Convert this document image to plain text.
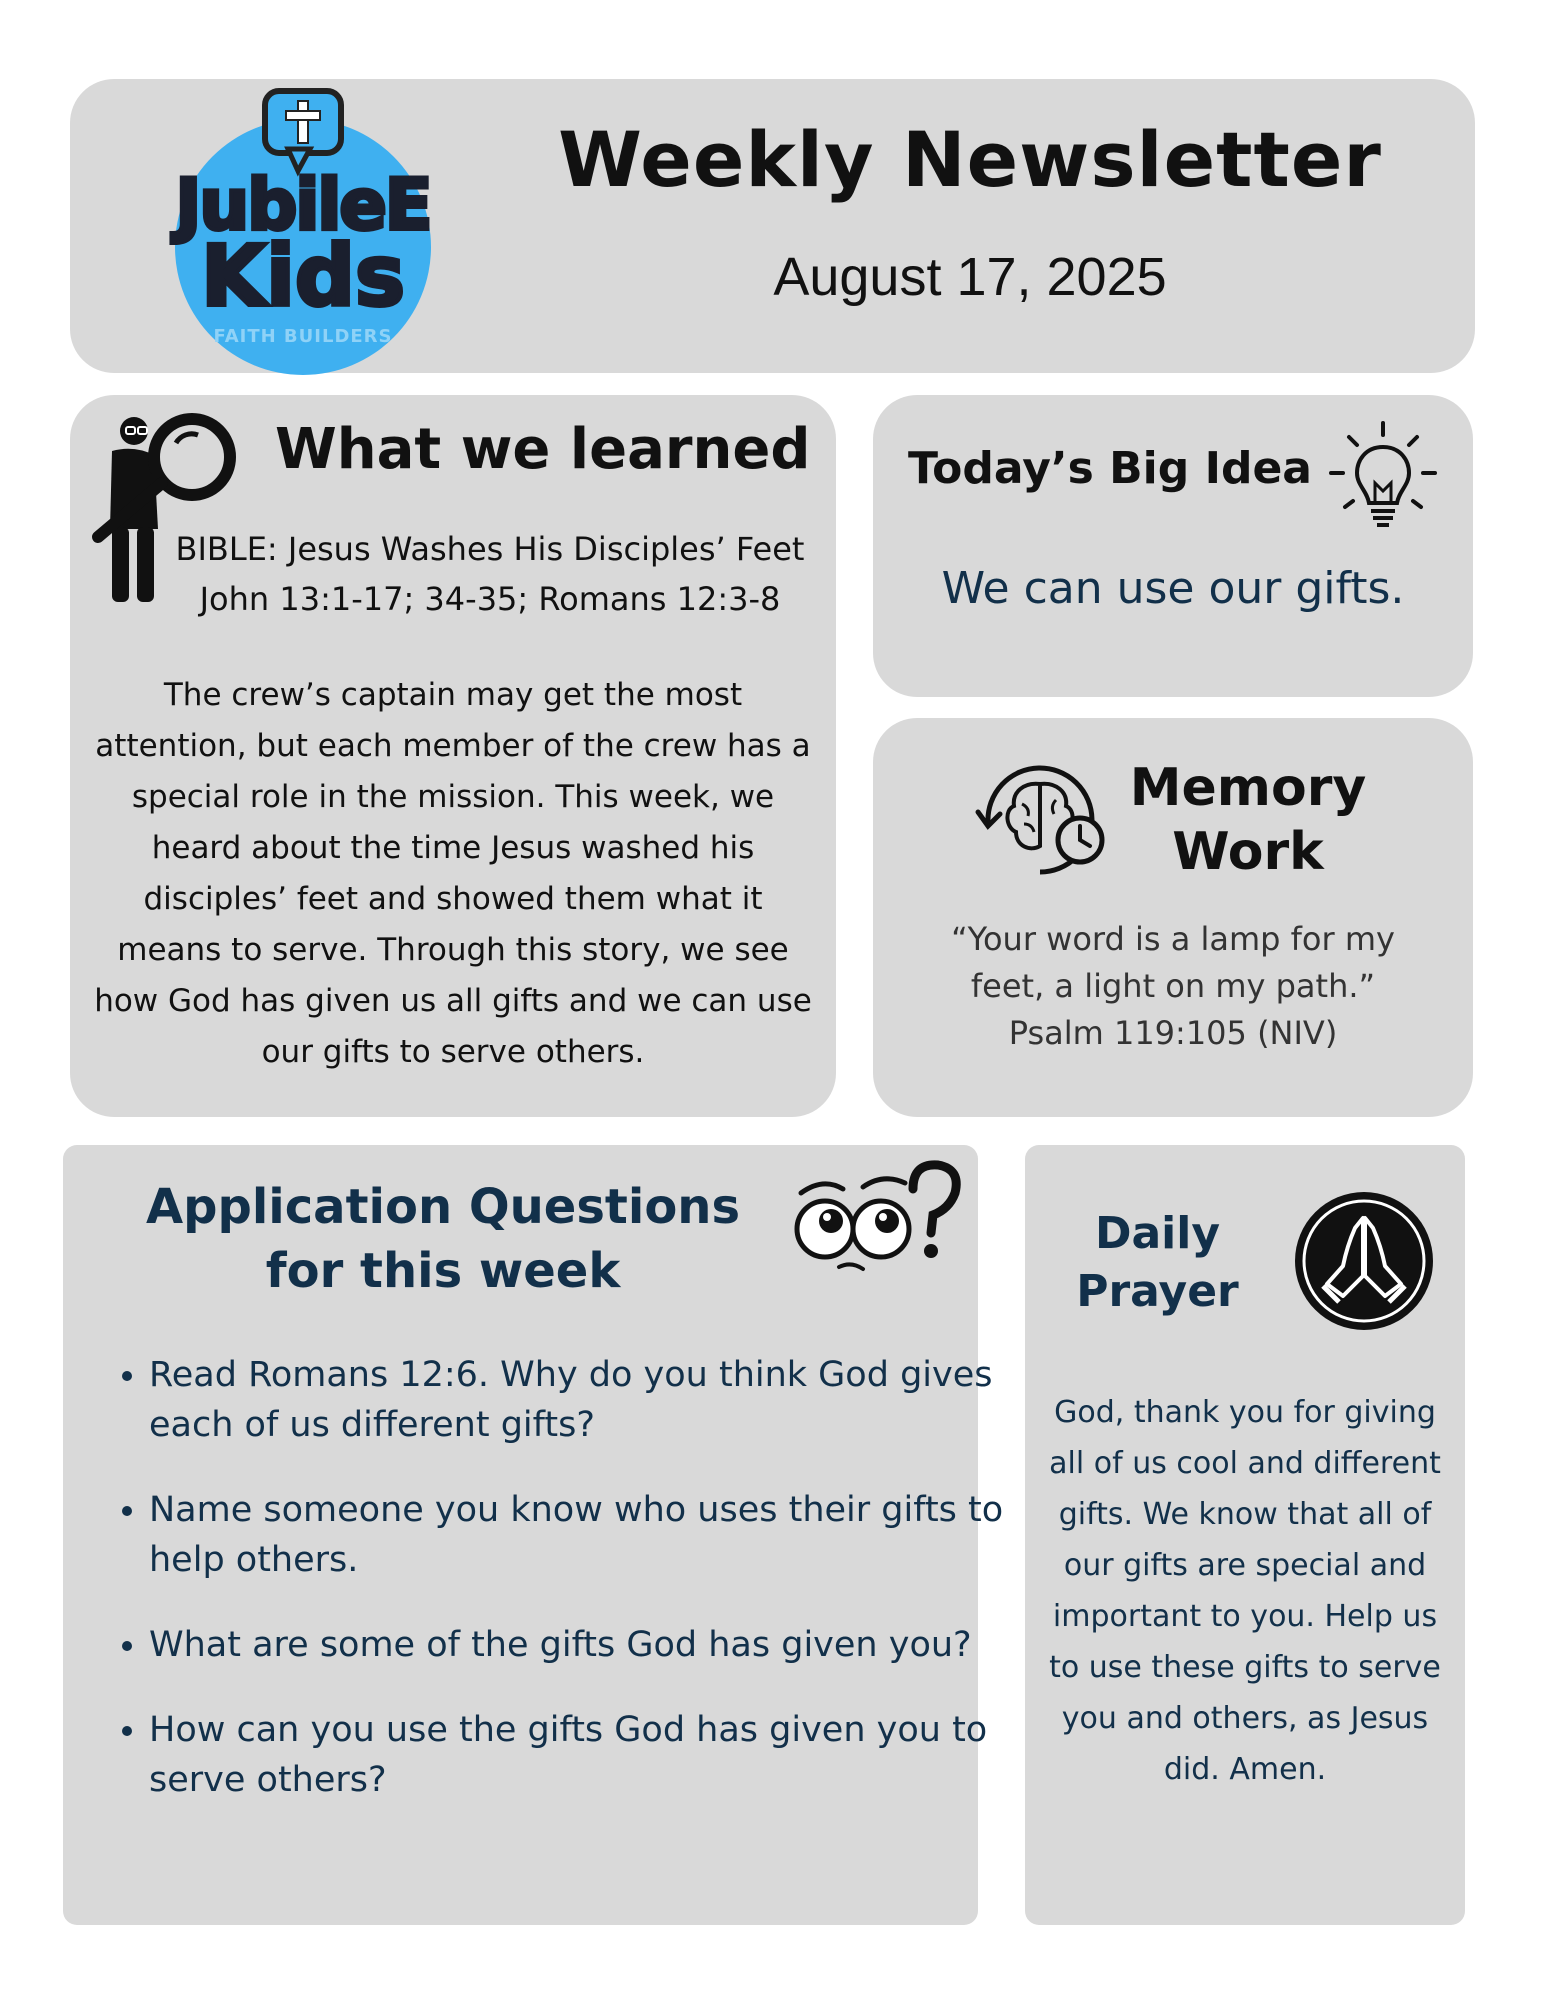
JubileE
Kids
FAITH BUILDERS
Weekly Newsletter
August 17, 2025
What we learned
BIBLE: Jesus Washes His Disciples’ Feet
John 13:1-17; 34-35; Romans 12:3-8
The crew’s captain may get the most attention, but each member of the crew has a special role in the mission. This week, we heard about the time Jesus washed his disciples’ feet and showed them what it means to serve. Through this story, we see how God has given us all gifts and we can use our gifts to serve others.
Today’s Big Idea
We can use our gifts.
Memory
Work
“Your word is a lamp for my
feet, a light on my path.”
Psalm 119:105 (NIV)
Application Questions
for this week
• Read Romans 12:6. Why do you think God gives each of us different gifts?
• Name someone you know who uses their gifts to help others.
• What are some of the gifts God has given you?
• How can you use the gifts God has given you to serve others?
Daily
Prayer
God, thank you for giving all of us cool and different gifts. We know that all of our gifts are special and important to you. Help us to use these gifts to serve you and others, as Jesus did. Amen.
